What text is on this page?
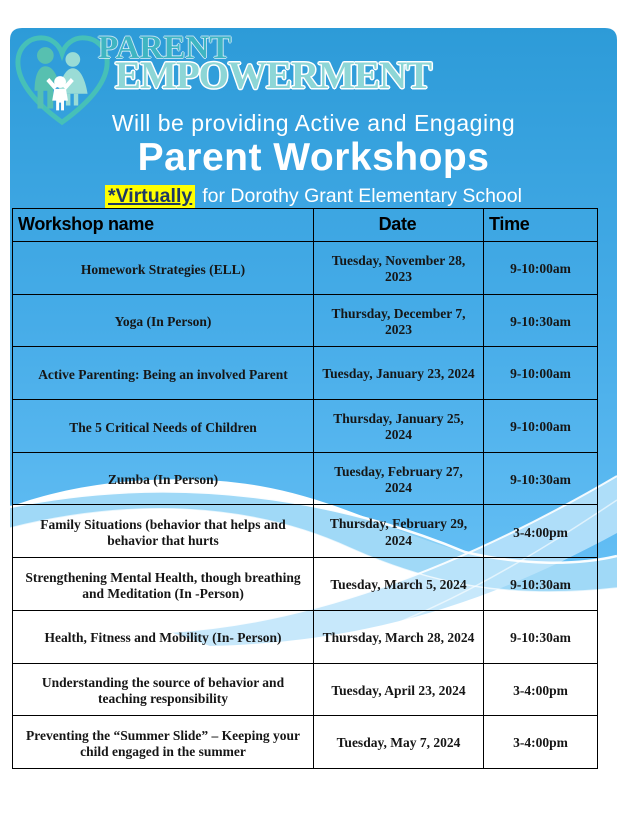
PARENT
EMPOWERMENT
Will be providing Active and Engaging
Parent Workshops
*Virtually for Dorothy Grant Elementary School
Workshop name	Date	Time
Homework Strategies (ELL)	Tuesday, November 28, 2023	9-10:00am
Yoga (In Person)	Thursday, December 7, 2023	9-10:30am
Active Parenting: Being an involved Parent	Tuesday, January 23, 2024	9-10:00am
The 5 Critical Needs of Children	Thursday, January 25, 2024	9-10:00am
Zumba (In Person)	Tuesday, February 27, 2024	9-10:30am
Family Situations (behavior that helps and behavior that hurts	Thursday, February 29, 2024	3-4:00pm
Strengthening Mental Health, though breathing and Meditation (In -Person)	Tuesday, March 5, 2024	9-10:30am
Health, Fitness and Mobility (In- Person)	Thursday, March 28, 2024	9-10:30am
Understanding the source of behavior and teaching responsibility	Tuesday, April 23, 2024	3-4:00pm
Preventing the “Summer Slide” – Keeping your child engaged in the summer	Tuesday, May 7, 2024	3-4:00pm
